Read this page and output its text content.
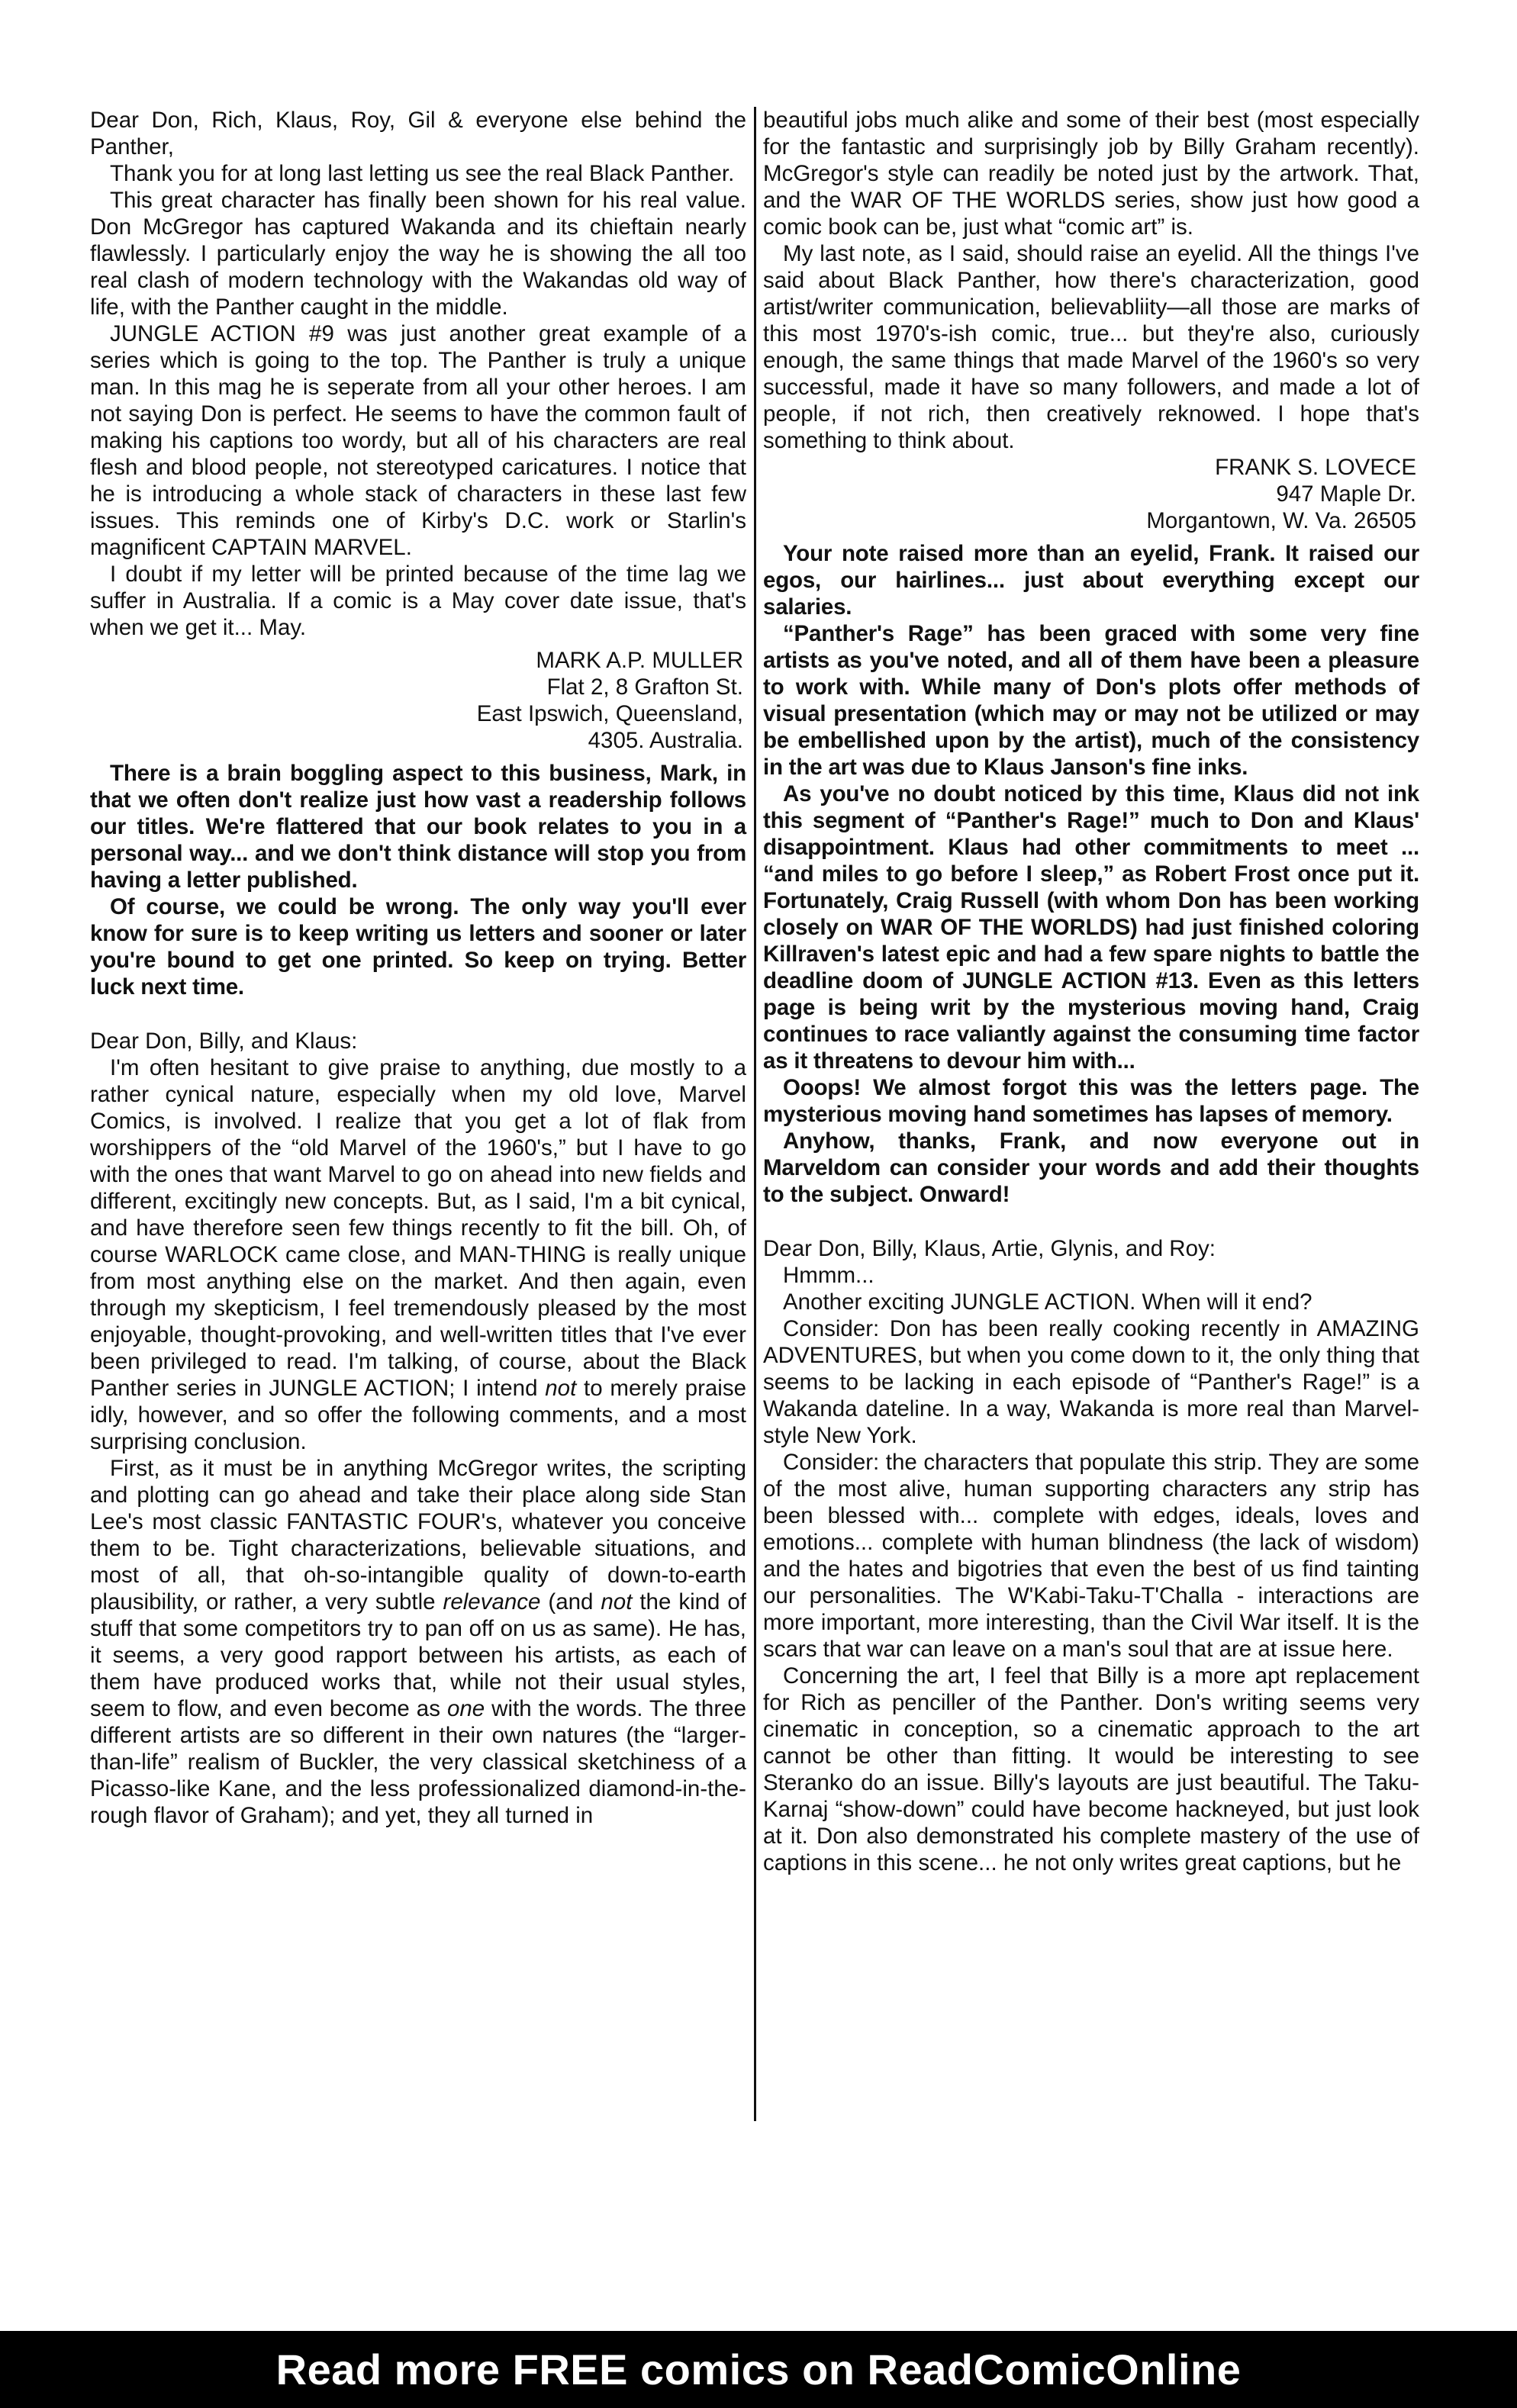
Dear Don, Rich, Klaus, Roy, Gil & everyone else behind the Panther,

Thank you for at long last letting us see the real Black Panther.

This great character has finally been shown for his real value. Don McGregor has captured Wakanda and its chieftain nearly flawlessly. I particularly enjoy the way he is showing the all too real clash of modern technology with the Wakandas old way of life, with the Panther caught in the middle.

JUNGLE ACTION #9 was just another great example of a series which is going to the top. The Panther is truly a unique man. In this mag he is seperate from all your other heroes. I am not saying Don is perfect. He seems to have the common fault of making his captions too wordy, but all of his characters are real flesh and blood people, not stereotyped caricatures. I notice that he is introducing a whole stack of characters in these last few issues. This reminds one of Kirby's D.C. work or Starlin's magnificent CAPTAIN MARVEL.

I doubt if my letter will be printed because of the time lag we suffer in Australia. If a comic is a May cover date issue, that's when we get it... May.

MARK A.P. MULLER

Flat 2, 8 Grafton St.

East Ipswich, Queensland,

4305. Australia.

There is a brain boggling aspect to this business, Mark, in that we often don't realize just how vast a readership follows our titles. We're flattered that our book relates to you in a personal way... and we don't think distance will stop you from having a letter published.

Of course, we could be wrong. The only way you'll ever know for sure is to keep writing us letters and sooner or later you're bound to get one printed. So keep on trying. Better luck next time.

Dear Don, Billy, and Klaus:

I'm often hesitant to give praise to anything, due mostly to a rather cynical nature, especially when my old love, Marvel Comics, is involved. I realize that you get a lot of flak from worshippers of the “old Marvel of the 1960's,” but I have to go with the ones that want Marvel to go on ahead into new fields and different, excitingly new concepts. But, as I said, I'm a bit cynical, and have therefore seen few things recently to fit the bill. Oh, of course WARLOCK came close, and MAN-THING is really unique from most anything else on the market. And then again, even through my skepticism, I feel tremendously pleased by the most enjoyable, thought-provoking, and well-written titles that I've ever been privileged to read. I'm talking, of course, about the Black Panther series in JUNGLE ACTION; I intend not to merely praise idly, however, and so offer the following comments, and a most surprising conclusion.

First, as it must be in anything McGregor writes, the scripting and plotting can go ahead and take their place along side Stan Lee's most classic FANTASTIC FOUR's, whatever you conceive them to be. Tight characterizations, believable situations, and most of all, that oh-so-intangible quality of down-to-earth plausibility, or rather, a very subtle relevance (and not the kind of stuff that some competitors try to pan off on us as same). He has, it seems, a very good rapport between his artists, as each of them have produced works that, while not their usual styles, seem to flow, and even become as one with the words. The three different artists are so different in their own natures (the “larger-than-life” realism of Buckler, the very classical sketchiness of a Picasso-like Kane, and the less professionalized diamond-in-the-rough flavor of Graham); and yet, they all turned in

beautiful jobs much alike and some of their best (most especially for the fantastic and surprisingly job by Billy Graham recently). McGregor's style can readily be noted just by the artwork. That, and the WAR OF THE WORLDS series, show just how good a comic book can be, just what “comic art” is.

My last note, as I said, should raise an eyelid. All the things I've said about Black Panther, how there's characterization, good artist/writer communication, believabliity—all those are marks of this most 1970's-ish comic, true... but they're also, curiously enough, the same things that made Marvel of the 1960's so very successful, made it have so many followers, and made a lot of people, if not rich, then creatively reknowed. I hope that's something to think about.

FRANK S. LOVECE

947 Maple Dr.

Morgantown, W. Va. 26505

Your note raised more than an eyelid, Frank. It raised our egos, our hairlines... just about everything except our salaries.

“Panther's Rage” has been graced with some very fine artists as you've noted, and all of them have been a pleasure to work with. While many of Don's plots offer methods of visual presentation (which may or may not be utilized or may be embellished upon by the artist), much of the consistency in the art was due to Klaus Janson's fine inks.

As you've no doubt noticed by this time, Klaus did not ink this segment of “Panther's Rage!” much to Don and Klaus' disappointment. Klaus had other commitments to meet ... “and miles to go before I sleep,” as Robert Frost once put it. Fortunately, Craig Russell (with whom Don has been working closely on WAR OF THE WORLDS) had just finished coloring Killraven's latest epic and had a few spare nights to battle the deadline doom of JUNGLE ACTION #13. Even as this letters page is being writ by the mysterious moving hand, Craig continues to race valiantly against the consuming time factor as it threatens to devour him with...

Ooops! We almost forgot this was the letters page. The mysterious moving hand sometimes has lapses of memory.

Anyhow, thanks, Frank, and now everyone out in Marveldom can consider your words and add their thoughts to the subject. Onward!

Dear Don, Billy, Klaus, Artie, Glynis, and Roy:

Hmmm...

Another exciting JUNGLE ACTION. When will it end?

Consider: Don has been really cooking recently in AMAZING ADVENTURES, but when you come down to it, the only thing that seems to be lacking in each episode of “Panther's Rage!” is a Wakanda dateline. In a way, Wakanda is more real than Marvel-style New York.

Consider: the characters that populate this strip. They are some of the most alive, human supporting characters any strip has been blessed with... complete with edges, ideals, loves and emotions... complete with human blindness (the lack of wisdom) and the hates and bigotries that even the best of us find tainting our personalities. The W'Kabi-Taku-T'Challa - interactions are more important, more interesting, than the Civil War itself. It is the scars that war can leave on a man's soul that are at issue here.

Concerning the art, I feel that Billy is a more apt replacement for Rich as penciller of the Panther. Don's writing seems very cinematic in conception, so a cinematic approach to the art cannot be other than fitting. It would be interesting to see Steranko do an issue. Billy's layouts are just beautiful. The Taku-Karnaj “show-down” could have become hackneyed, but just look at it. Don also demonstrated his complete mastery of the use of captions in this scene... he not only writes great captions, but he

Read more FREE comics on ReadComicOnline
